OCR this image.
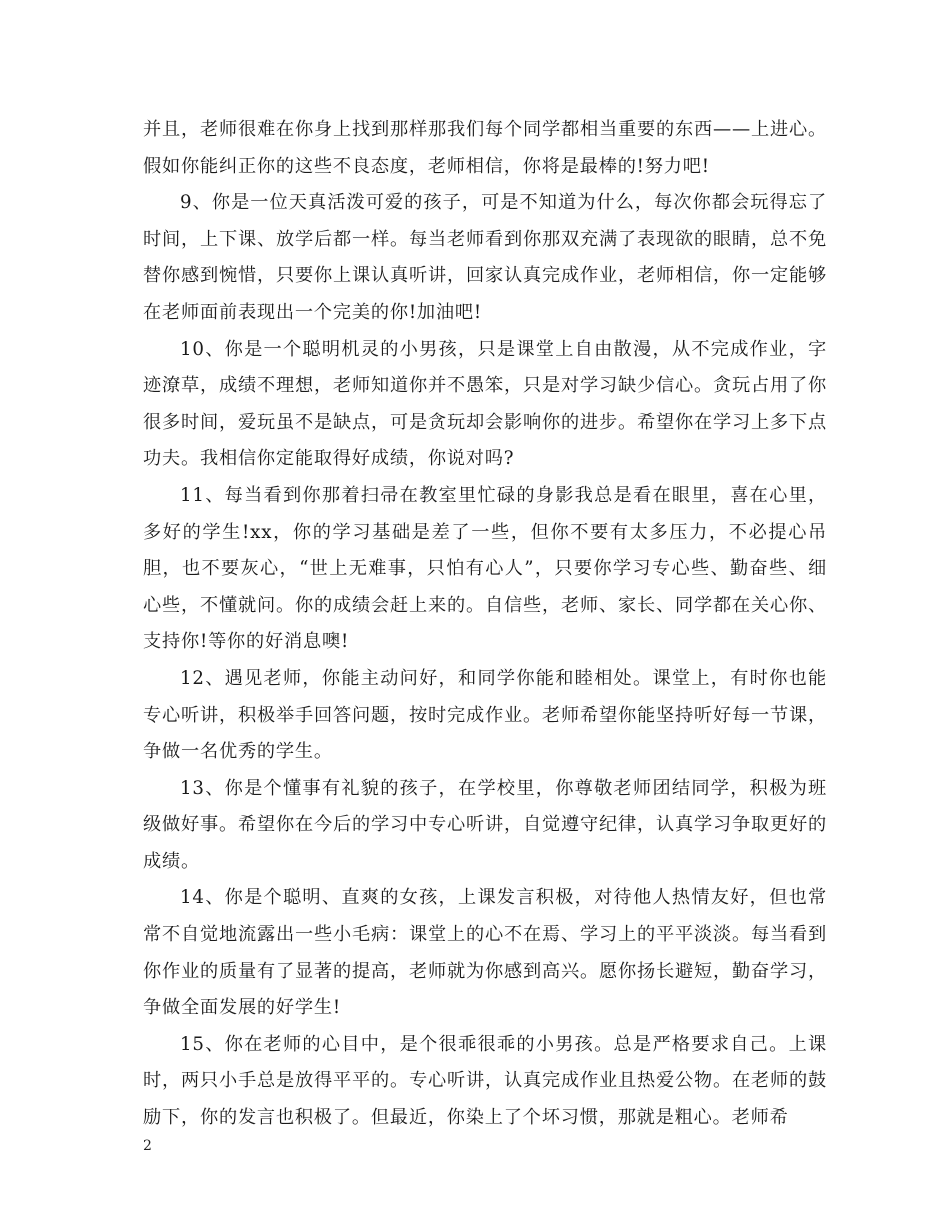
并且，老师很难在你身上找到那样那我们每个同学都相当重要的东西——上进心。假如你能纠正你的这些不良态度，老师相信，你将是最棒的!努力吧!

9、你是一位天真活泼可爱的孩子，可是不知道为什么，每次你都会玩得忘了时间，上下课、放学后都一样。每当老师看到你那双充满了表现欲的眼睛，总不免替你感到惋惜，只要你上课认真听讲，回家认真完成作业，老师相信，你一定能够在老师面前表现出一个完美的你!加油吧!

10、你是一个聪明机灵的小男孩，只是课堂上自由散漫，从不完成作业，字迹潦草，成绩不理想，老师知道你并不愚笨，只是对学习缺少信心。贪玩占用了你很多时间，爱玩虽不是缺点，可是贪玩却会影响你的进步。希望你在学习上多下点功夫。我相信你定能取得好成绩，你说对吗?

11、每当看到你那着扫帚在教室里忙碌的身影我总是看在眼里，喜在心里，多好的学生!xx，你的学习基础是差了一些，但你不要有太多压力，不必提心吊胆，也不要灰心，“世上无难事，只怕有心人”，只要你学习专心些、勤奋些、细心些，不懂就问。你的成绩会赶上来的。自信些，老师、家长、同学都在关心你、支持你!等你的好消息噢!

12、遇见老师，你能主动问好，和同学你能和睦相处。课堂上，有时你也能专心听讲，积极举手回答问题，按时完成作业。老师希望你能坚持听好每一节课，争做一名优秀的学生。

13、你是个懂事有礼貌的孩子，在学校里，你尊敬老师团结同学，积极为班级做好事。希望你在今后的学习中专心听讲，自觉遵守纪律，认真学习争取更好的成绩。

14、你是个聪明、直爽的女孩，上课发言积极，对待他人热情友好，但也常常不自觉地流露出一些小毛病：课堂上的心不在焉、学习上的平平淡淡。每当看到你作业的质量有了显著的提高，老师就为你感到高兴。愿你扬长避短，勤奋学习，争做全面发展的好学生!

15、你在老师的心目中，是个很乖很乖的小男孩。总是严格要求自己。上课时，两只小手总是放得平平的。专心听讲，认真完成作业且热爱公物。在老师的鼓励下，你的发言也积极了。但最近，你染上了个坏习惯，那就是粗心。老师希

2
